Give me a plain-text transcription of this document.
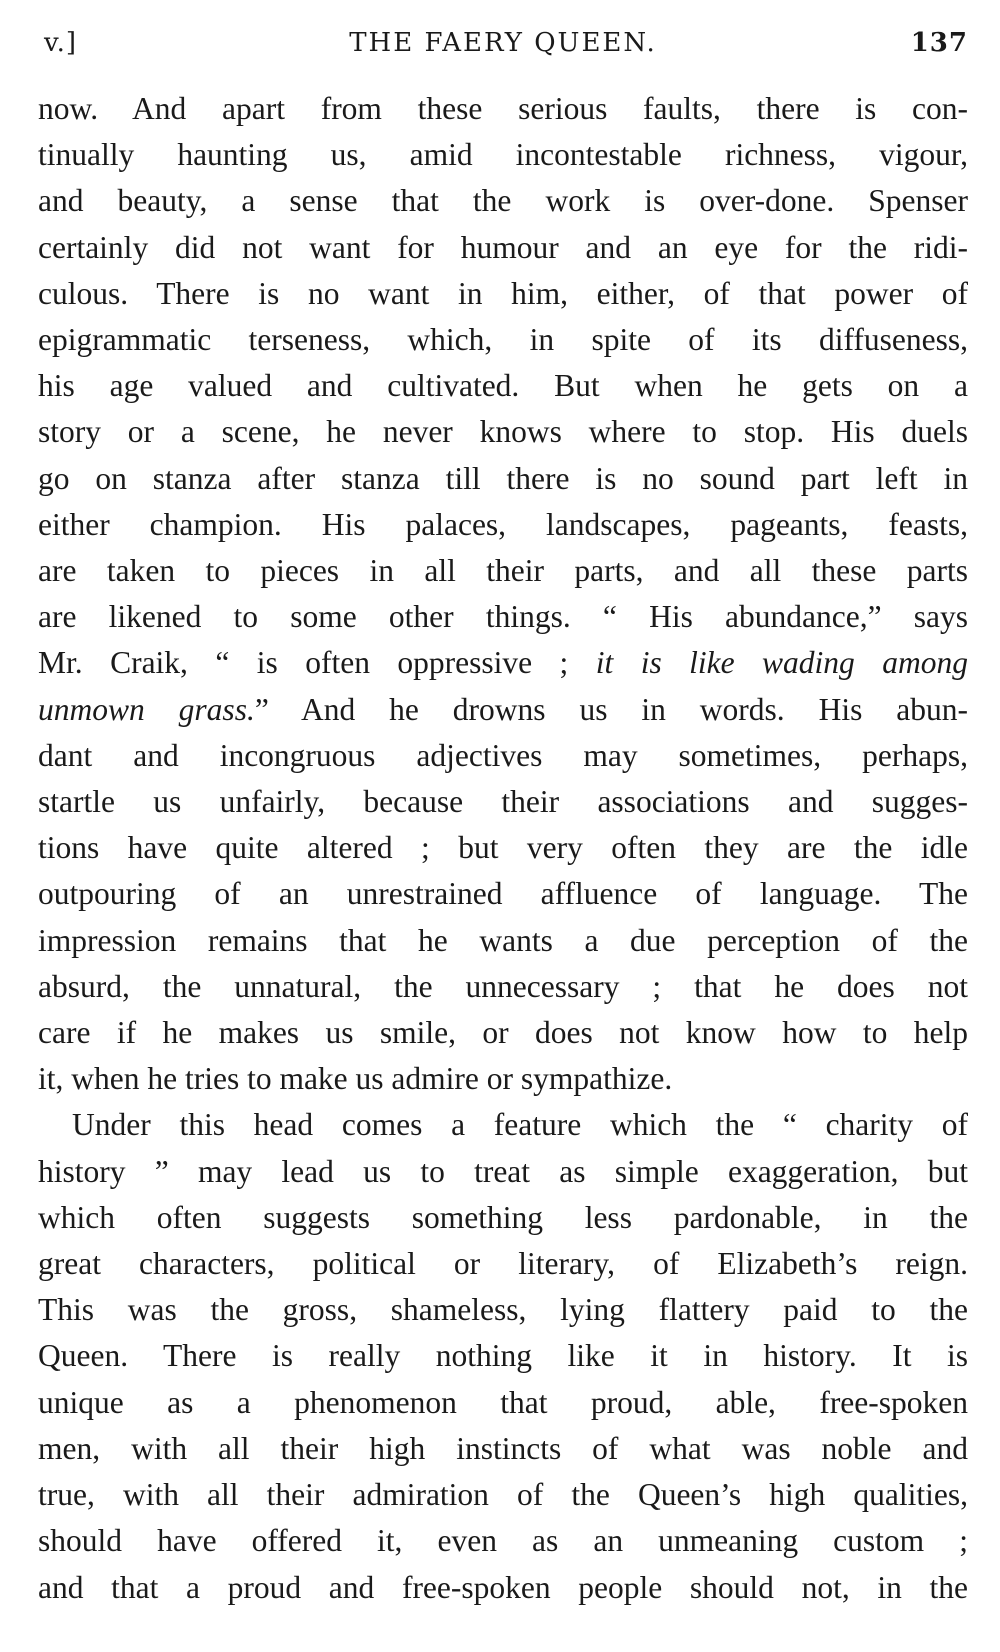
v.]	THE FAERY QUEEN.	137

now. And apart from these serious faults, there is con-
tinually haunting us, amid incontestable richness, vigour,
and beauty, a sense that the work is over-done. Spenser
certainly did not want for humour and an eye for the ridi-
culous. There is no want in him, either, of that power of
epigrammatic terseness, which, in spite of its diffuseness,
his age valued and cultivated. But when he gets on a
story or a scene, he never knows where to stop. His duels
go on stanza after stanza till there is no sound part left in
either champion. His palaces, landscapes, pageants, feasts,
are taken to pieces in all their parts, and all these parts
are likened to some other things. “ His abundance,” says
Mr. Craik, “ is often oppressive ; it is like wading among
unmown grass.” And he drowns us in words. His abun-
dant and incongruous adjectives may sometimes, perhaps,
startle us unfairly, because their associations and sugges-
tions have quite altered ; but very often they are the idle
outpouring of an unrestrained affluence of language. The
impression remains that he wants a due perception of the
absurd, the unnatural, the unnecessary ; that he does not
care if he makes us smile, or does not know how to help
it, when he tries to make us admire or sympathize.

Under this head comes a feature which the “ charity of
history ” may lead us to treat as simple exaggeration, but
which often suggests something less pardonable, in the
great characters, political or literary, of Elizabeth’s reign.
This was the gross, shameless, lying flattery paid to the
Queen. There is really nothing like it in history. It is
unique as a phenomenon that proud, able, free-spoken
men, with all their high instincts of what was noble and
true, with all their admiration of the Queen’s high qualities,
should have offered it, even as an unmeaning custom ;
and that a proud and free-spoken people should not, in the
